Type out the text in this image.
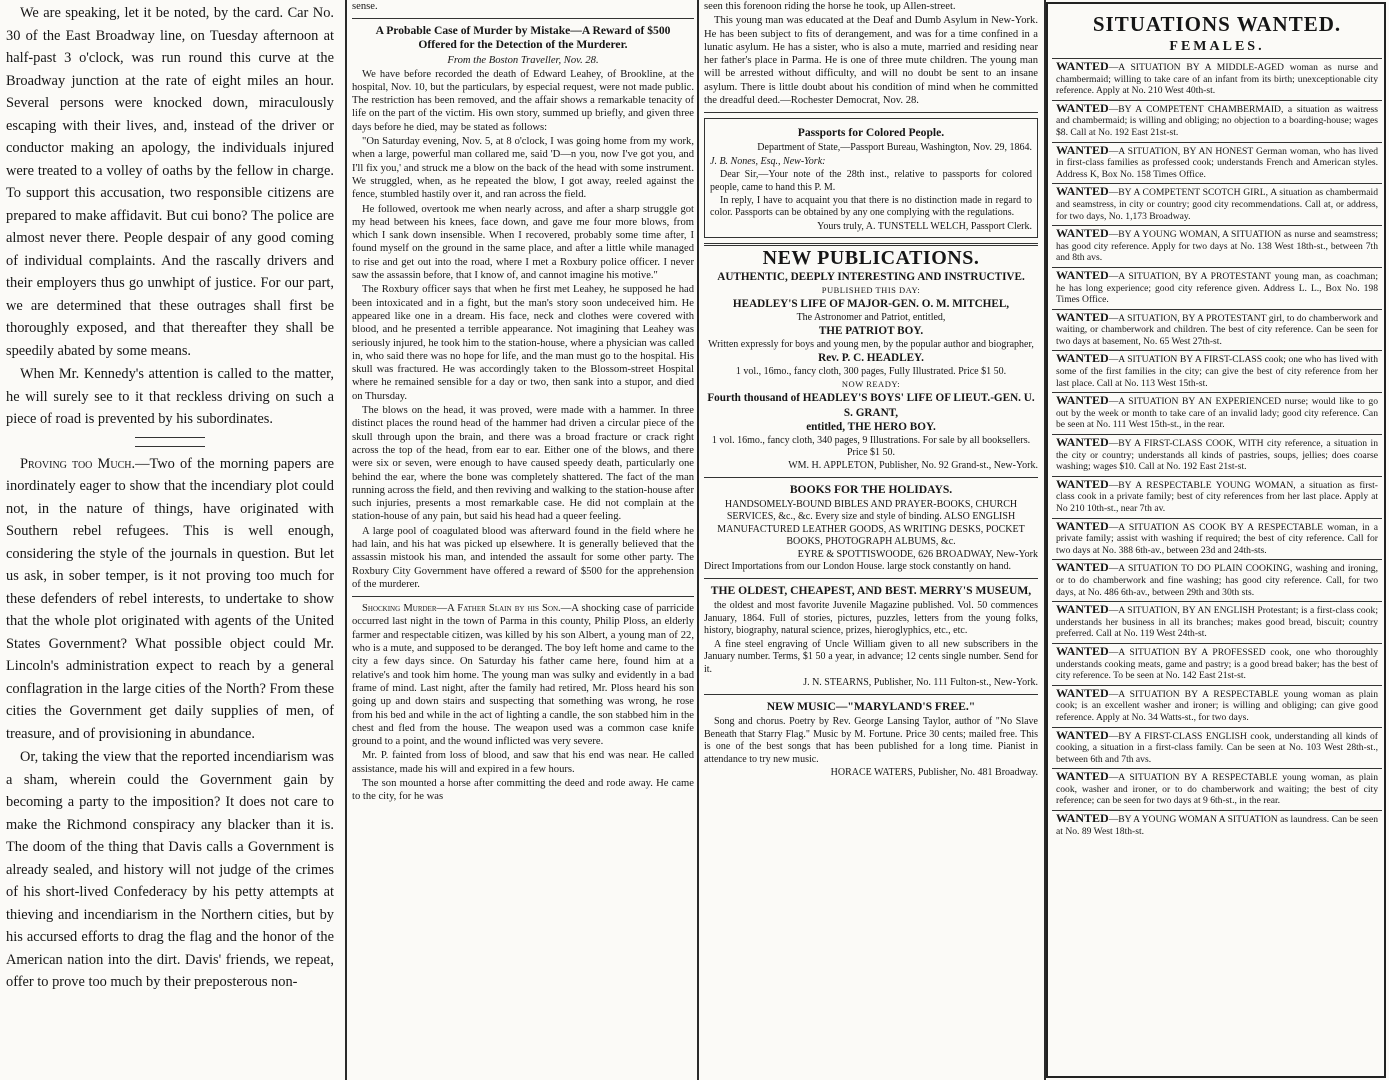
We are speaking, let it be noted, by the card. Car No. 30 of the East Broadway line, on Tuesday afternoon at half-past 3 o'clock, was run round this curve at the Broadway junction at the rate of eight miles an hour. Several persons were knocked down, miraculously escaping with their lives, and, instead of the driver or conductor making an apology, the individuals injured were treated to a volley of oaths by the fellow in charge. To support this accusation, two responsible citizens are prepared to make affidavit. But cui bono? The police are almost never there. People despair of any good coming of individual complaints. And the rascally drivers and their employers thus go unwhipt of justice. For our part, we are determined that these outrages shall first be thoroughly exposed, and that thereafter they shall be speedily abated by some means.

When Mr. Kennedy's attention is called to the matter, he will surely see to it that reckless driving on such a piece of road is prevented by his subordinates.

Proving too Much.—Two of the morning papers are inordinately eager to show that the incendiary plot could not, in the nature of things, have originated with Southern rebel refugees. This is well enough, considering the style of the journals in question. But let us ask, in sober temper, is it not proving too much for these defenders of rebel interests, to undertake to show that the whole plot originated with agents of the United States Government? What possible object could Mr. Lincoln's administration expect to reach by a general conflagration in the large cities of the North? From these cities the Government get daily supplies of men, of treasure, and of provisioning in abundance.

Or, taking the view that the reported incendiarism was a sham, wherein could the Government gain by becoming a party to the imposition? It does not care to make the Richmond conspiracy any blacker than it is. The doom of the thing that Davis calls a Government is already sealed, and history will not judge of the crimes of his short-lived Confederacy by his petty attempts at thieving and incendiarism in the Northern cities, but by his accursed efforts to drag the flag and the honor of the American nation into the dirt. Davis' friends, we repeat, offer to prove too much by their preposterous non-

sense.

A Probable Case of Murder by Mistake—A Reward of $500 Offered for the Detection of the Murderer.
From the Boston Traveller, Nov. 28.

We have before recorded the death of Edward Leahey, of Brookline, at the hospital, Nov. 10, but the particulars, by especial request, were not made public. The restriction has been removed, and the affair shows a remarkable tenacity of life on the part of the victim. His own story, summed up briefly, and given three days before he died, may be stated as follows:

"On Saturday evening, Nov. 5, at 8 o'clock, I was going home from my work, when a large, powerful man collared me, said 'D—n you, now I've got you, and I'll fix you,' and struck me a blow on the back of the head with some instrument. We struggled, when, as he repeated the blow, I got away, reeled against the fence, stumbled hastily over it, and ran across the field.

He followed, overtook me when nearly across, and after a sharp struggle got my head between his knees, face down, and gave me four more blows, from which I sank down insensible. When I recovered, probably some time after, I found myself on the ground in the same place, and after a little while managed to rise and get out into the road, where I met a Roxbury police officer. I never saw the assassin before, that I know of, and cannot imagine his motive."

The Roxbury officer says that when he first met Leahey, he supposed he had been intoxicated and in a fight, but the man's story soon undeceived him. He appeared like one in a dream. His face, neck and clothes were covered with blood, and he presented a terrible appearance. Not imagining that Leahey was seriously injured, he took him to the station-house, where a physician was called in, who said there was no hope for life, and the man must go to the hospital. His skull was fractured. He was accordingly taken to the Blossom-street Hospital where he remained sensible for a day or two, then sank into a stupor, and died on Thursday.

The blows on the head, it was proved, were made with a hammer. In three distinct places the round head of the hammer had driven a circular piece of the skull through upon the brain, and there was a broad fracture or crack right across the top of the head, from ear to ear. Either one of the blows, and there were six or seven, were enough to have caused speedy death, particularly one behind the ear, where the bone was completely shattered. The fact of the man running across the field, and then reviving and walking to the station-house after such injuries, presents a most remarkable case. He did not complain at the station-house of any pain, but said his head had a queer feeling.

A large pool of coagulated blood was afterward found in the field where he had lain, and his hat was picked up elsewhere. It is generally believed that the assassin mistook his man, and intended the assault for some other party. The Roxbury City Government have offered a reward of $500 for the apprehension of the murderer.

Shocking Murder—A Father Slain by his Son.—A shocking case of parricide occurred last night in the town of Parma in this county, Philip Ploss, an elderly farmer and respectable citizen, was killed by his son Albert, a young man of 22, who is a mute, and supposed to be deranged. The boy left home and came to the city a few days since. On Saturday his father came here, found him at a relative's and took him home. The young man was sulky and evidently in a bad frame of mind. Last night, after the family had retired, Mr. Ploss heard his son going up and down stairs and suspecting that something was wrong, he rose from his bed and while in the act of lighting a candle, the son stabbed him in the chest and fled from the house. The weapon used was a common case knife ground to a point, and the wound inflicted was very severe.

Mr. P. fainted from loss of blood, and saw that his end was near. He called assistance, made his will and expired in a few hours.

The son mounted a horse after committing the deed and rode away. He came to the city, for he was

seen this forenoon riding the horse he took, up Allen-street.

This young man was educated at the Deaf and Dumb Asylum in New-York. He has been subject to fits of derangement, and was for a time confined in a lunatic asylum. He has a sister, who is also a mute, married and residing near her father's place in Parma. He is one of three mute children. The young man will be arrested without difficulty, and will no doubt be sent to an insane asylum. There is little doubt about his condition of mind when he committed the dreadful deed.—Rochester Democrat, Nov. 28.

Passports for Colored People.

Department of State,—Passport Bureau, Washington, Nov. 29, 1864.

J. B. Nones, Esq., New-York:

Dear Sir,—Your note of the 28th inst., relative to passports for colored people, came to hand this P. M.

In reply, I have to acquaint you that there is no distinction made in regard to color. Passports can be obtained by any one complying with the regulations.

Yours truly, A. TUNSTELL WELCH, Passport Clerk.

NEW PUBLICATIONS.
AUTHENTIC, DEEPLY INTERESTING AND INSTRUCTIVE.
PUBLISHED THIS DAY:
HEADLEY'S LIFE OF MAJOR-GEN. O. M. MITCHEL,
The Astronomer and Patriot, entitled,
THE PATRIOT BOY.
Written expressly for boys and young men, by the popular author and biographer,
Rev. P. C. HEADLEY.
1 vol., 16mo., fancy cloth, 300 pages, Fully Illustrated. Price $1 50.
NOW READY:
Fourth thousand of HEADLEY'S BOYS' LIFE OF LIEUT.-GEN. U. S. GRANT,
entitled, THE HERO BOY.
1 vol. 16mo., fancy cloth, 340 pages, 9 Illustrations. For sale by all booksellers. Price $1 50.
WM. H. APPLETON, Publisher, No. 92 Grand-st., New-York.
BOOKS FOR THE HOLIDAYS.
HANDSOMELY-BOUND BIBLES AND PRAYER-BOOKS, CHURCH SERVICES, &c., &c. Every size and style of binding. ALSO ENGLISH MANUFACTURED LEATHER GOODS, AS WRITING DESKS, POCKET BOOKS, PHOTOGRAPH ALBUMS, &c.
EYRE & SPOTTISWOODE, 626 BROADWAY, New-York
Direct Importations from our London House. large stock constantly on hand.
THE OLDEST, CHEAPEST, AND BEST. MERRY'S MUSEUM,

the oldest and most favorite Juvenile Magazine published. Vol. 50 commences January, 1864. Full of stories, pictures, puzzles, letters from the young folks, history, biography, natural science, prizes, hieroglyphics, etc., etc.

A fine steel engraving of Uncle William given to all new subscribers in the January number. Terms, $1 50 a year, in advance; 12 cents single number. Send for it.

J. N. STEARNS, Publisher, No. 111 Fulton-st., New-York.
NEW MUSIC—"MARYLAND'S FREE."

Song and chorus. Poetry by Rev. George Lansing Taylor, author of "No Slave Beneath that Starry Flag." Music by M. Fortune. Price 30 cents; mailed free. This is one of the best songs that has been published for a long time. Pianist in attendance to try new music.

HORACE WATERS, Publisher, No. 481 Broadway.
SITUATIONS WANTED.
FEMALES.
WANTED—A SITUATION BY A MIDDLE-AGED woman as nurse and chambermaid; willing to take care of an infant from its birth; unexceptionable city reference. Apply at No. 210 West 40th-st.
WANTED—BY A COMPETENT CHAMBERMAID, a situation as waitress and chambermaid; is willing and obliging; no objection to a boarding-house; wages $8. Call at No. 192 East 21st-st.
WANTED—A SITUATION, BY AN HONEST German woman, who has lived in first-class families as professed cook; understands French and American styles. Address K, Box No. 158 Times Office.
WANTED—BY A COMPETENT SCOTCH GIRL, A situation as chambermaid and seamstress, in city or country; good city recommendations. Call at, or address, for two days, No. 1,173 Broadway.
WANTED—BY A YOUNG WOMAN, A SITUATION as nurse and seamstress; has good city reference. Apply for two days at No. 138 West 18th-st., between 7th and 8th avs.
WANTED—A SITUATION, BY A PROTESTANT young man, as coachman; he has long experience; good city reference given. Address L. L., Box No. 198 Times Office.
WANTED—A SITUATION, BY A PROTESTANT girl, to do chamberwork and waiting, or chamberwork and children. The best of city reference. Can be seen for two days at basement, No. 65 West 27th-st.
WANTED—A SITUATION BY A FIRST-CLASS cook; one who has lived with some of the first families in the city; can give the best of city reference from her last place. Call at No. 113 West 15th-st.
WANTED—A SITUATION BY AN EXPERIENCED nurse; would like to go out by the week or month to take care of an invalid lady; good city reference. Can be seen at No. 111 West 15th-st., in the rear.
WANTED—BY A FIRST-CLASS COOK, WITH city reference, a situation in the city or country; understands all kinds of pastries, soups, jellies; does coarse washing; wages $10. Call at No. 192 East 21st-st.
WANTED—BY A RESPECTABLE YOUNG WOMAN, a situation as first-class cook in a private family; best of city references from her last place. Apply at No 210 10th-st., near 7th av.
WANTED—A SITUATION AS COOK BY A RESPECTABLE woman, in a private family; assist with washing if required; the best of city reference. Call for two days at No. 388 6th-av., between 23d and 24th-sts.
WANTED—A SITUATION TO DO PLAIN COOKING, washing and ironing, or to do chamberwork and fine washing; has good city reference. Call, for two days, at No. 486 6th-av., between 29th and 30th sts.
WANTED—A SITUATION, BY AN ENGLISH Protestant; is a first-class cook; understands her business in all its branches; makes good bread, biscuit; country preferred. Call at No. 119 West 24th-st.
WANTED—A SITUATION BY A PROFESSED cook, one who thoroughly understands cooking meats, game and pastry; is a good bread baker; has the best of city reference. To be seen at No. 142 East 21st-st.
WANTED—A SITUATION BY A RESPECTABLE young woman as plain cook; is an excellent washer and ironer; is willing and obliging; can give good reference. Apply at No. 34 Watts-st., for two days.
WANTED—BY A FIRST-CLASS ENGLISH cook, understanding all kinds of cooking, a situation in a first-class family. Can be seen at No. 103 West 28th-st., between 6th and 7th avs.
WANTED—A SITUATION BY A RESPECTABLE young woman, as plain cook, washer and ironer, or to do chamberwork and waiting; the best of city reference; can be seen for two days at 9 6th-st., in the rear.
WANTED—BY A YOUNG WOMAN A SITUATION as laundress. Can be seen at No. 89 West 18th-st.
